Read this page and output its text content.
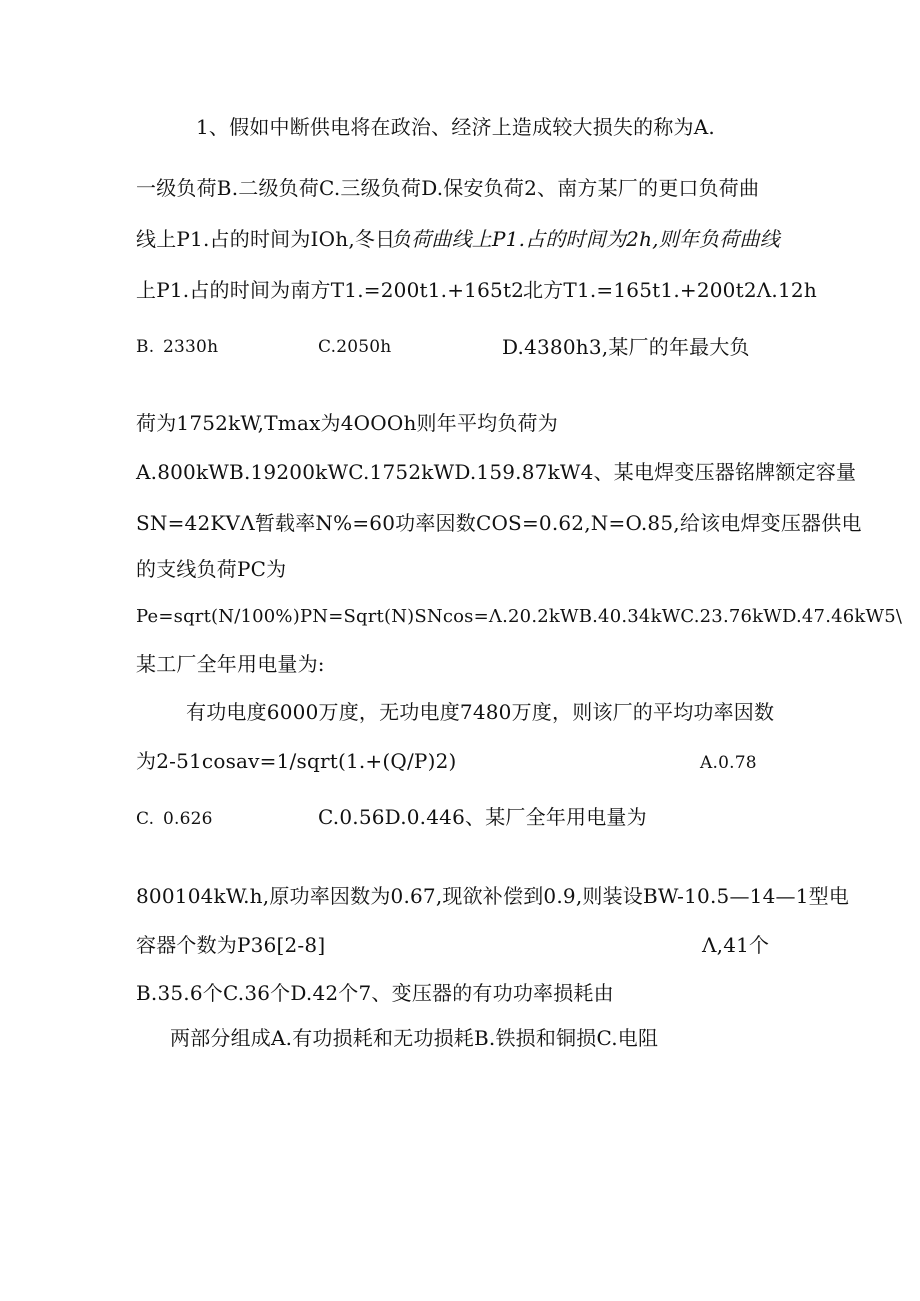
1、假如中断供电将在政治、经济上造成较大损失的称为A.
一级负荷B.二级负荷C.三级负荷D.保安负荷2、南方某厂的更口负荷曲
线上P1.占的时间为IOh,冬日
负荷曲线上P1.占的时间为2h,则年负荷曲线
上P1.占的时间为南方T1.=200t1.+165t2
北方T1.=165t1.+200t2Λ.12h
B. 2330h	C.2050h	D.4380h3,某厂的年最大负
荷为1752kW,Tmax为4OOOh则年平均负荷为
A.800kWB.19200kWC.1752kWD.159.87kW4、某电焊变压器铭牌额定容量
SN=42KVΛ暂载率N%=60功率因数COS=0.62,N=O.85,给该电焊变压器供电
的支线负荷PC为
Pe=sqrt(N∕100%)PN=Sqrt(N)SNcos=Λ.20.2kWB.40.34kWC.23.76kWD.47.46kW5\
某工厂全年用电量为:
有功电度6000万度，无功电度7480万度，则该厂的平均功率因数
为2-51cosav=1∕sqrt(1.+(Q∕P)2)	A.0.78
C. 0.626	C.0.56D.0.446、某厂全年用电量为
800104kW.h,原功率因数为0.67,现欲补偿到0.9,则装设BW-10.5—14—1型电
容器个数为P36[2-8]	Λ,41个
B.35.6个C.36个D.42个7、变压器的有功功率损耗由
两部分组成A.有功损耗和无功损耗B.铁损和铜损C.电阻
